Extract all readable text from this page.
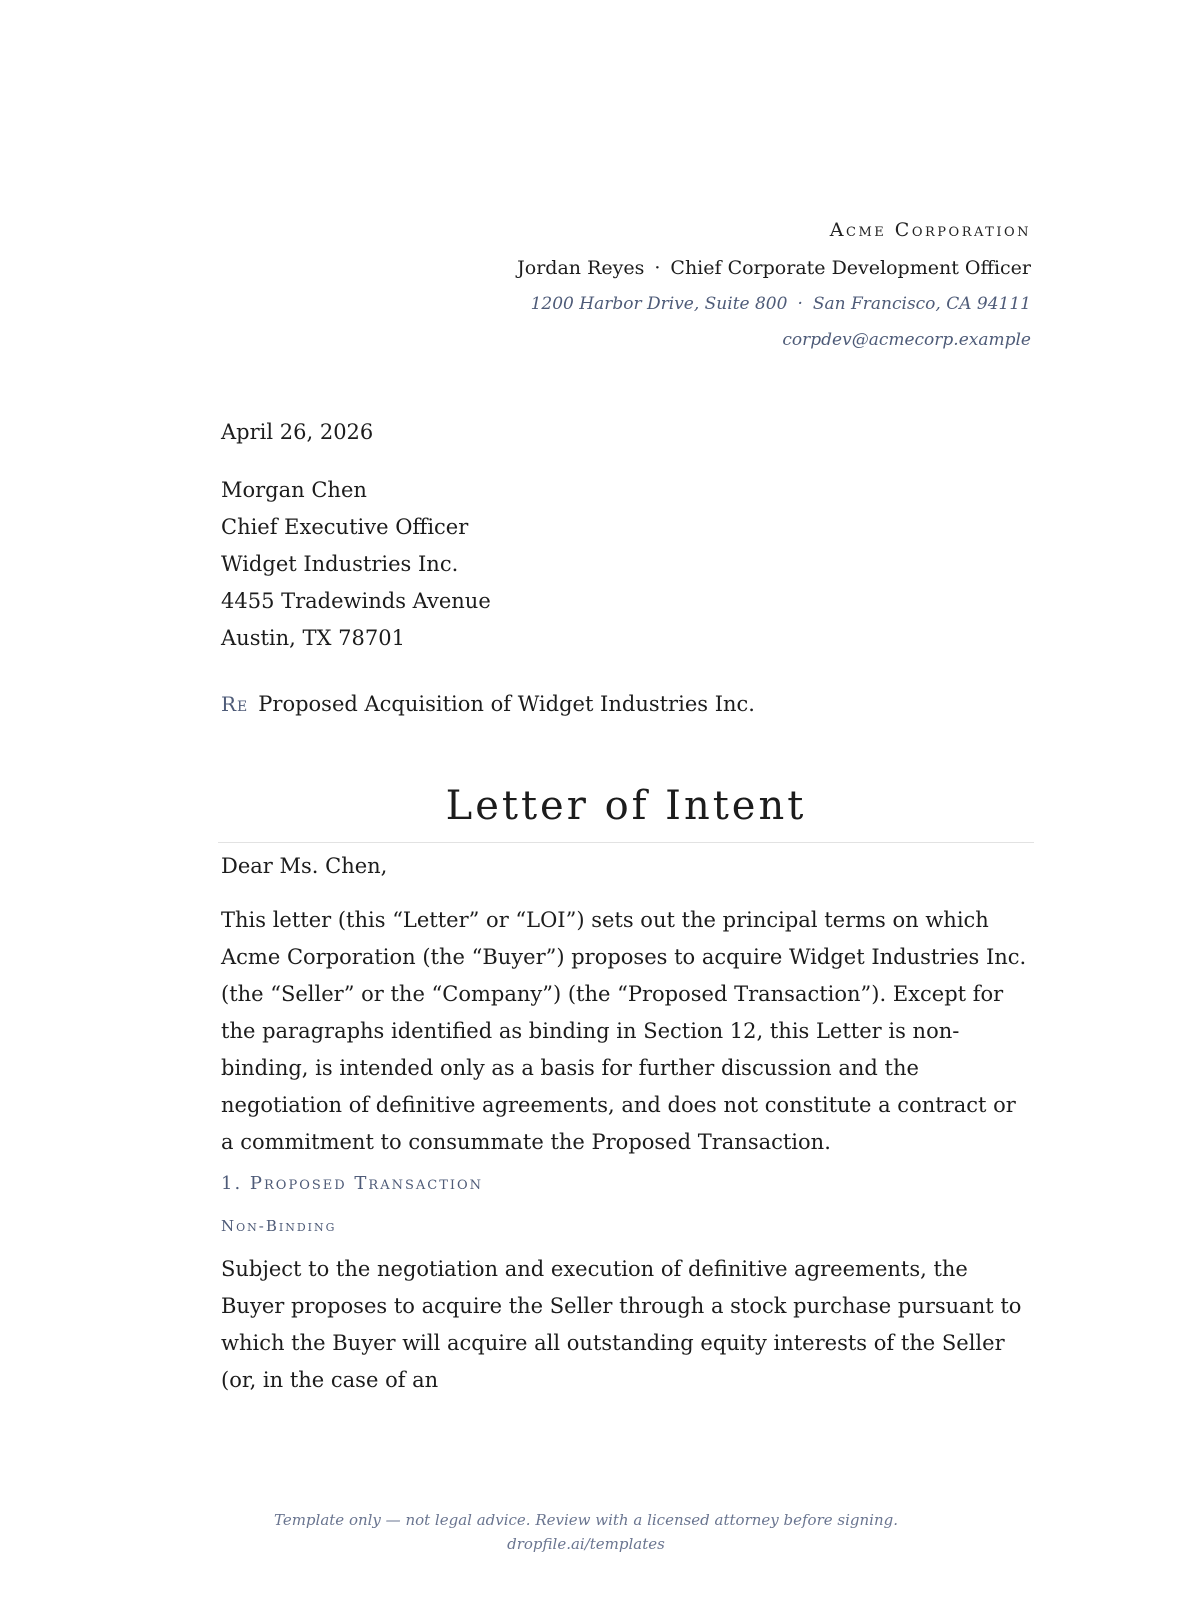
Acme Corporation
Jordan Reyes · Chief Corporate Development Officer
1200 Harbor Drive, Suite 800 · San Francisco, CA 94111
corpdev@acmecorp.example
April 26, 2026
Morgan Chen
Chief Executive Officer
Widget Industries Inc.
4455 Tradewinds Avenue
Austin, TX 78701
Re Proposed Acquisition of Widget Industries Inc.
Letter of Intent
Dear Ms. Chen,

This letter (this “Letter” or “LOI”) sets out the principal terms on which Acme Corporation (the “Buyer”) proposes to acquire Widget Industries Inc. (the “Seller” or the “Company”) (the “Proposed Transaction”). Except for the paragraphs identified as binding in Section 12, this Letter is non-binding, is intended only as a basis for further discussion and the negotiation of definitive agreements, and does not constitute a contract or a commitment to consummate the Proposed Transaction.

1. Proposed Transaction
Non-Binding

Subject to the negotiation and execution of definitive agreements, the Buyer proposes to acquire the Seller through a stock purchase pursuant to which the Buyer will acquire all outstanding equity interests of the Seller (or, in the case of an

Template only — not legal advice. Review with a licensed attorney before signing. dropfile.ai/templates
